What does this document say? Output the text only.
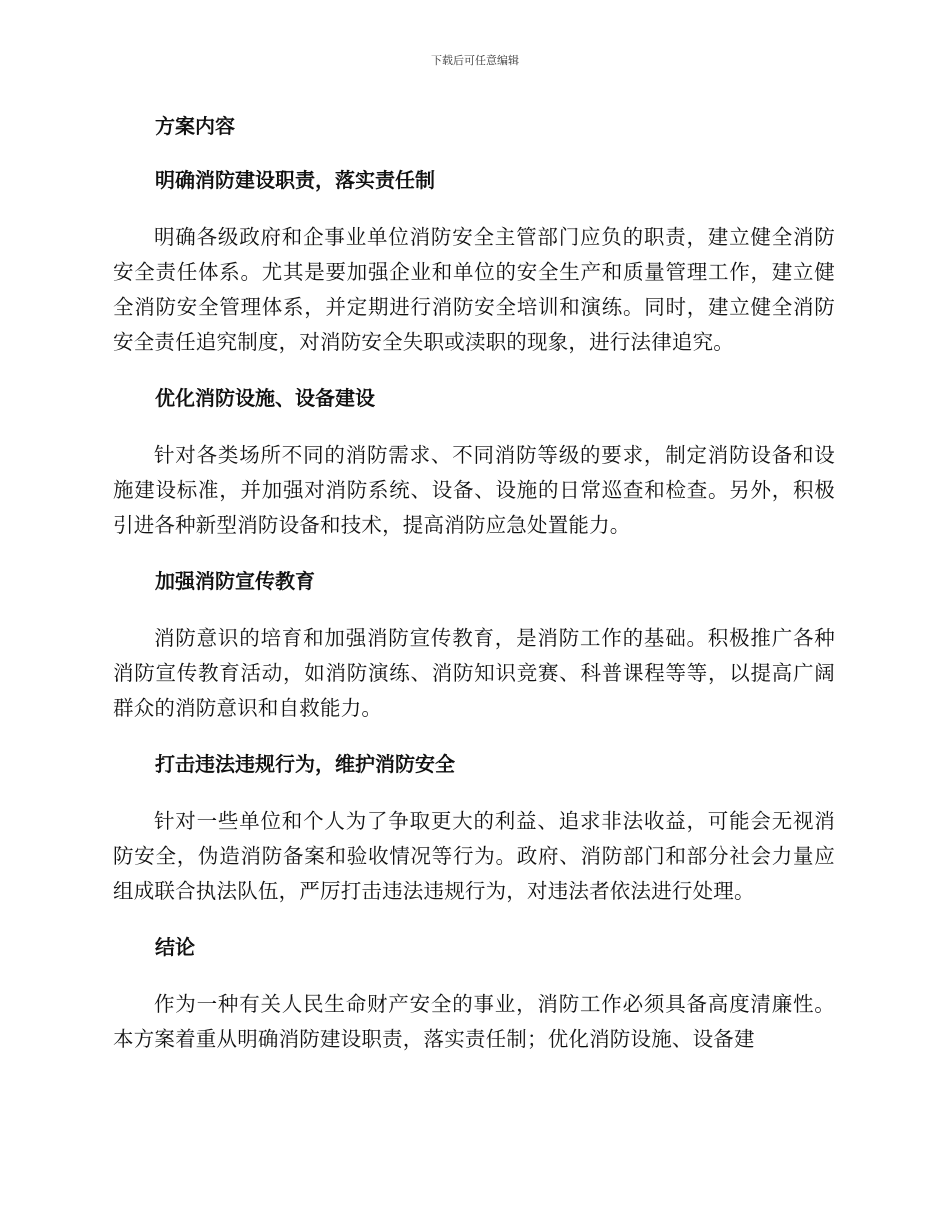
下载后可任意编辑
方案内容
明确消防建设职责，落实责任制

明确各级政府和企事业单位消防安全主管部门应负的职责，建立健全消防安全责任体系。尤其是要加强企业和单位的安全生产和质量管理工作，建立健全消防安全管理体系，并定期进行消防安全培训和演练。同时，建立健全消防安全责任追究制度，对消防安全失职或渎职的现象，进行法律追究。

优化消防设施、设备建设

针对各类场所不同的消防需求、不同消防等级的要求，制定消防设备和设施建设标准，并加强对消防系统、设备、设施的日常巡查和检查。另外，积极引进各种新型消防设备和技术，提高消防应急处置能力。

加强消防宣传教育

消防意识的培育和加强消防宣传教育，是消防工作的基础。积极推广各种消防宣传教育活动，如消防演练、消防知识竞赛、科普课程等等，以提高广阔群众的消防意识和自救能力。

打击违法违规行为，维护消防安全

针对一些单位和个人为了争取更大的利益、追求非法收益，可能会无视消防安全，伪造消防备案和验收情况等行为。政府、消防部门和部分社会力量应组成联合执法队伍，严厉打击违法违规行为，对违法者依法进行处理。

结论

作为一种有关人民生命财产安全的事业，消防工作必须具备高度清廉性。本方案着重从明确消防建设职责，落实责任制；优化消防设施、设备建
